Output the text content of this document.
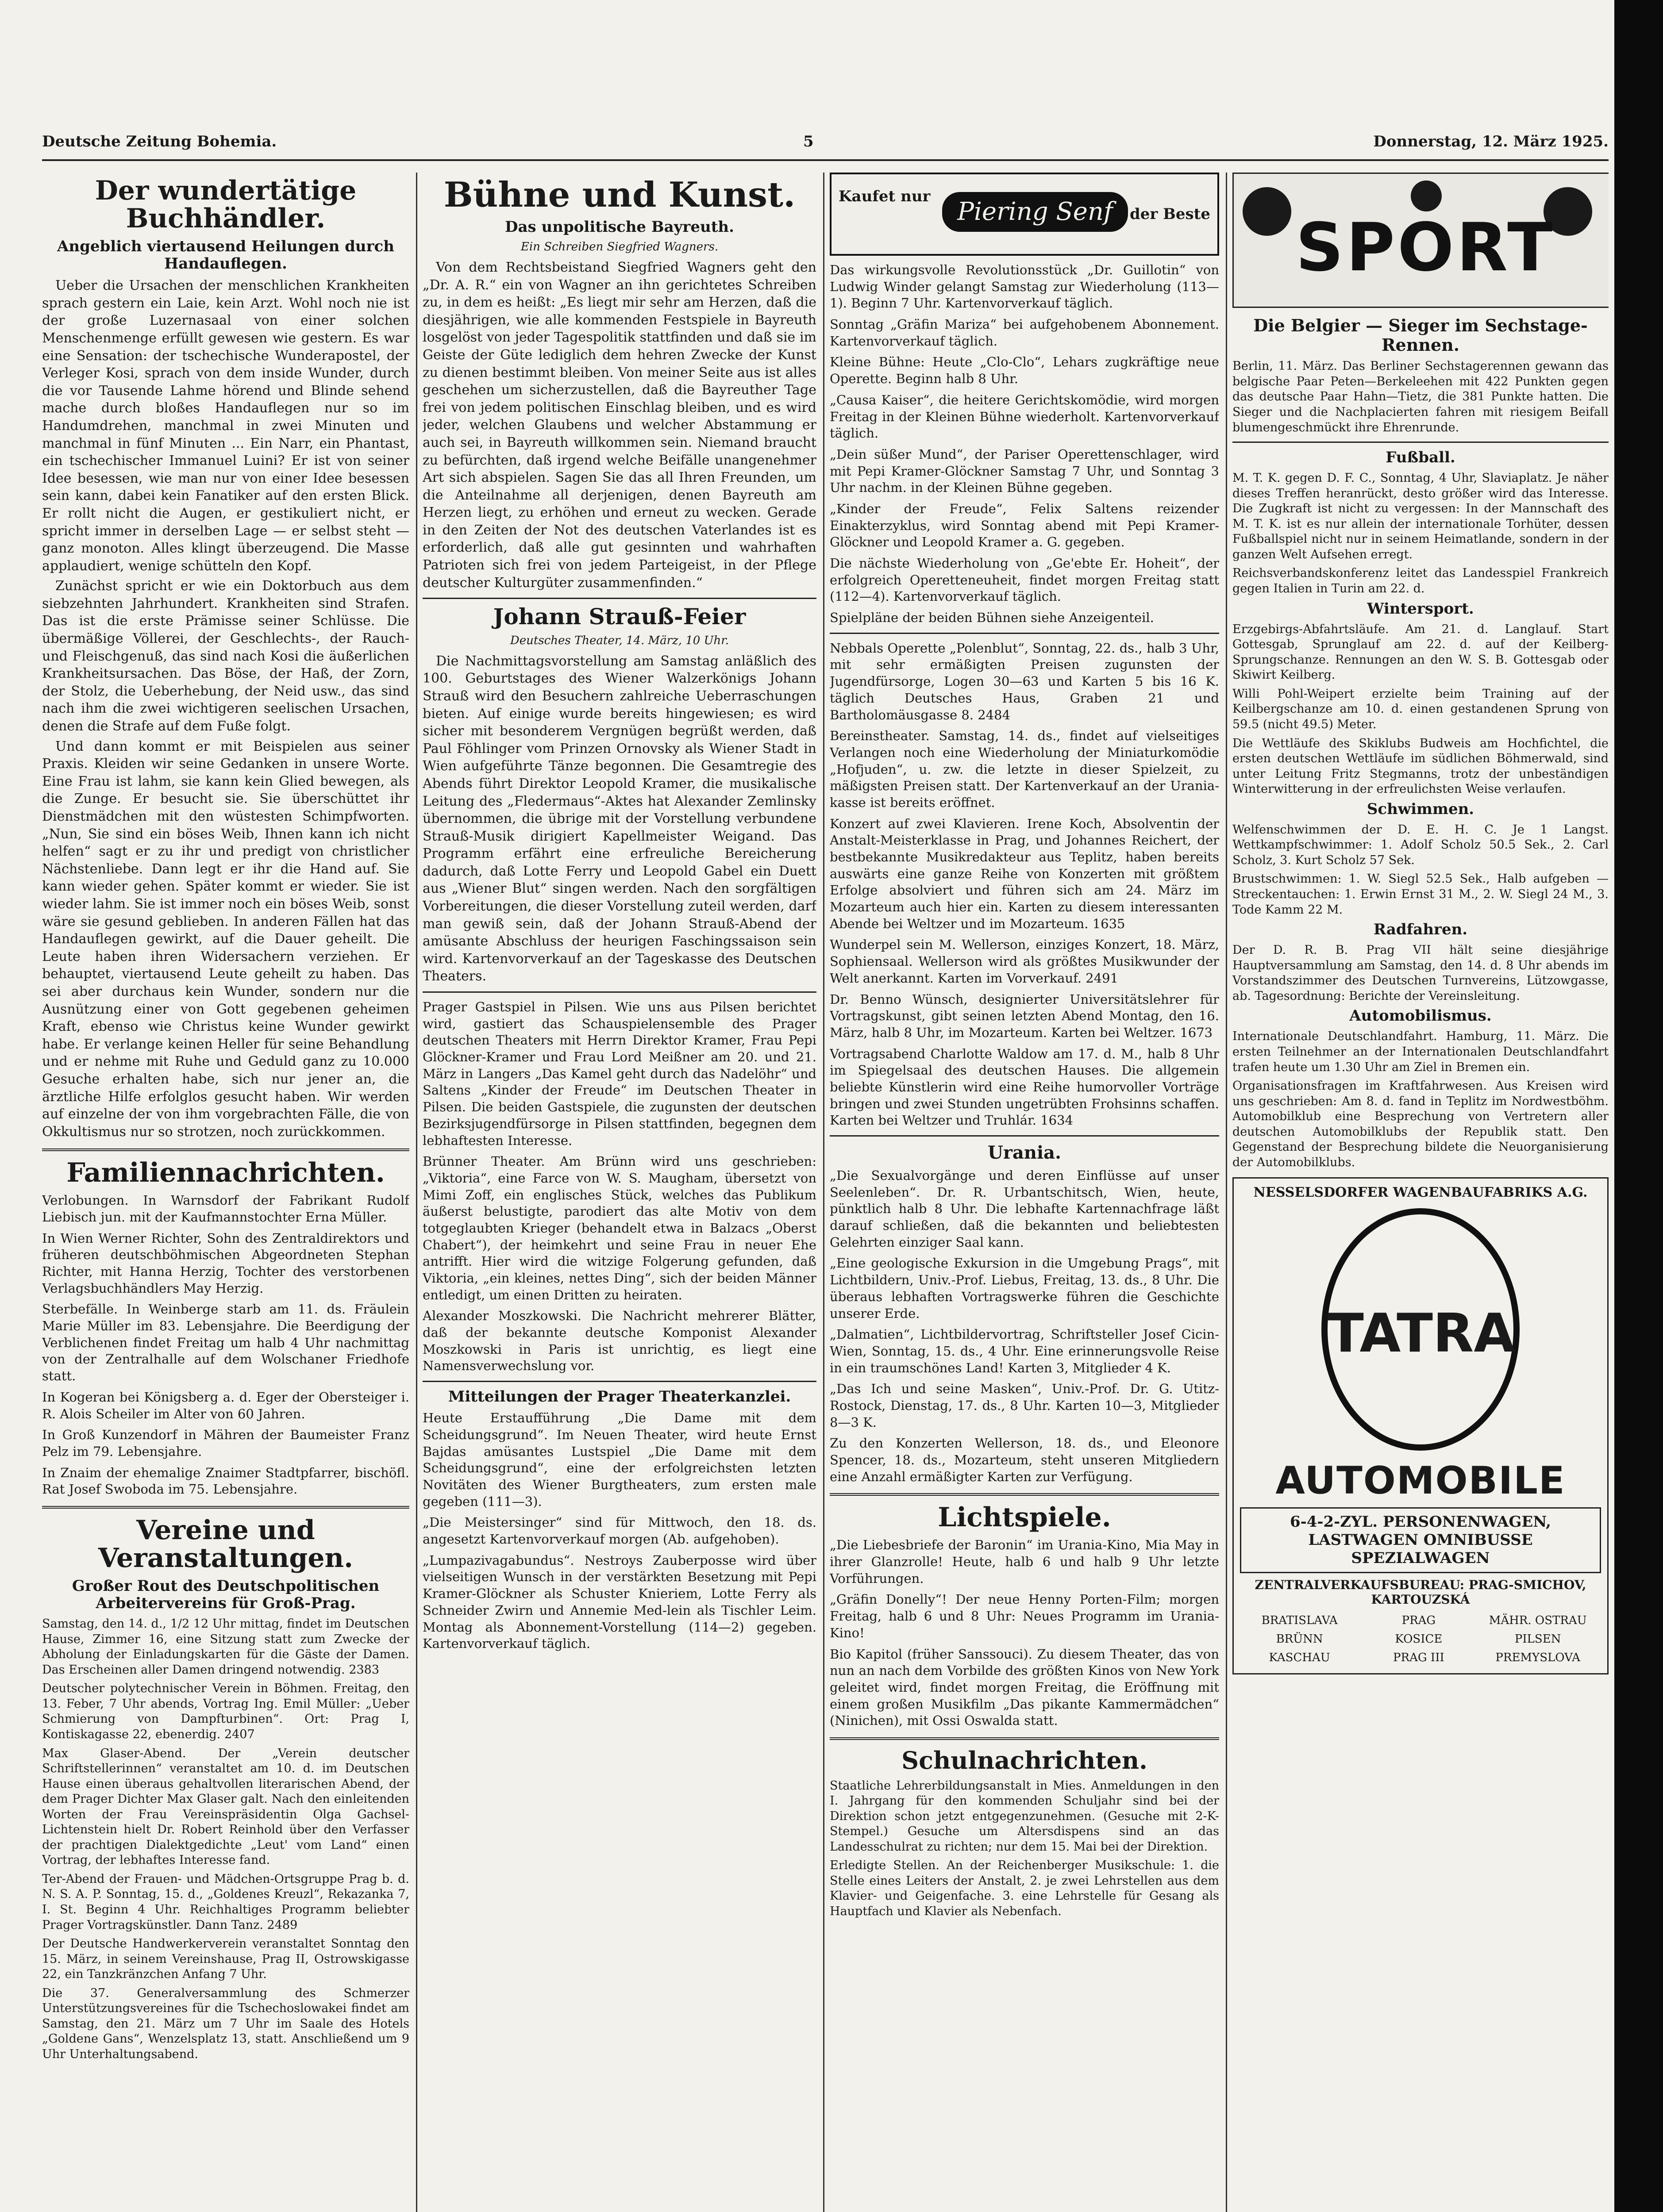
Deutsche Zeitung Bohemia.	5	Donnerstag, 12. März 1925.
Der wundertätige Buchhändler.
Angeblich viertausend Heilungen durch Handauflegen.

Ueber die Ursachen der menschlichen Krankheiten sprach gestern ein Laie, kein Arzt. Wohl noch nie ist der große Luzernasaal von einer solchen Menschenmenge erfüllt gewesen wie gestern. Es war eine Sensation: der tschechische Wunderapostel, der Verleger Kosi, sprach von dem inside Wunder, durch die vor Tausende Lahme hörend und Blinde sehend mache durch bloßes Handauflegen nur so im Handumdrehen, manchmal in zwei Minuten und manchmal in fünf Minuten ... Ein Narr, ein Phantast, ein tschechischer Immanuel Luini? Er ist von seiner Idee besessen, wie man nur von einer Idee besessen sein kann, dabei kein Fanatiker auf den ersten Blick. Er rollt nicht die Augen, er gestikuliert nicht, er spricht immer in derselben Lage — er selbst steht — ganz monoton. Alles klingt überzeugend. Die Masse applaudiert, wenige schütteln den Kopf.

Zunächst spricht er wie ein Doktorbuch aus dem siebzehnten Jahrhundert. Krankheiten sind Strafen. Das ist die erste Prämisse seiner Schlüsse. Die übermäßige Völlerei, der Geschlechts-, der Rauch- und Fleischgenuß, das sind nach Kosi die äußerlichen Krankheitsursachen. Das Böse, der Haß, der Zorn, der Stolz, die Ueberhebung, der Neid usw., das sind nach ihm die zwei wichtigeren seelischen Ursachen, denen die Strafe auf dem Fuße folgt.

Und dann kommt er mit Beispielen aus seiner Praxis. Kleiden wir seine Gedanken in unsere Worte. Eine Frau ist lahm, sie kann kein Glied bewegen, als die Zunge. Er besucht sie. Sie überschüttet ihr Dienstmädchen mit den wüstesten Schimpfworten. „Nun, Sie sind ein böses Weib, Ihnen kann ich nicht helfen“ sagt er zu ihr und predigt von christlicher Nächstenliebe. Dann legt er ihr die Hand auf. Sie kann wieder gehen. Später kommt er wieder. Sie ist wieder lahm. Sie ist immer noch ein böses Weib, sonst wäre sie gesund geblieben. In anderen Fällen hat das Handauflegen gewirkt, auf die Dauer geheilt. Die Leute haben ihren Widersachern verziehen. Er behauptet, viertausend Leute geheilt zu haben. Das sei aber durchaus kein Wunder, sondern nur die Ausnützung einer von Gott gegebenen geheimen Kraft, ebenso wie Christus keine Wunder gewirkt habe. Er verlange keinen Heller für seine Behandlung und er nehme mit Ruhe und Geduld ganz zu 10.000 Gesuche erhalten habe, sich nur jener an, die ärztliche Hilfe erfolglos gesucht haben. Wir werden auf einzelne der von ihm vorgebrachten Fälle, die von Okkultismus nur so strotzen, noch zurückkommen.

Familiennachrichten.

Verlobungen. In Warnsdorf der Fabrikant Rudolf Liebisch jun. mit der Kaufmannstochter Erna Müller.

In Wien Werner Richter, Sohn des Zentraldirektors und früheren deutschböhmischen Abgeordneten Stephan Richter, mit Hanna Herzig, Tochter des verstorbenen Verlagsbuchhändlers May Herzig.

Sterbefälle. In Weinberge starb am 11. ds. Fräulein Marie Müller im 83. Lebensjahre. Die Beerdigung der Verblichenen findet Freitag um halb 4 Uhr nachmittag von der Zentralhalle auf dem Wolschaner Friedhofe statt.

In Kogeran bei Königsberg a. d. Eger der Obersteiger i. R. Alois Scheiler im Alter von 60 Jahren.

In Groß Kunzendorf in Mähren der Baumeister Franz Pelz im 79. Lebensjahre.

In Znaim der ehemalige Znaimer Stadtpfarrer, bischöfl. Rat Josef Swoboda im 75. Lebensjahre.

Vereine und Veranstaltungen.
Großer Rout des Deutschpolitischen Arbeitervereins für Groß-Prag.

Samstag, den 14. d., 1/2 12 Uhr mittag, findet im Deutschen Hause, Zimmer 16, eine Sitzung statt zum Zwecke der Abholung der Einladungskarten für die Gäste der Damen. Das Erscheinen aller Damen dringend notwendig. 2383

Deutscher polytechnischer Verein in Böhmen. Freitag, den 13. Feber, 7 Uhr abends, Vortrag Ing. Emil Müller: „Ueber Schmierung von Dampfturbinen“. Ort: Prag I, Kontiskagasse 22, ebenerdig. 2407

Max Glaser-Abend. Der „Verein deutscher Schriftstellerinnen“ veranstaltet am 10. d. im Deutschen Hause einen überaus gehaltvollen literarischen Abend, der dem Prager Dichter Max Glaser galt. Nach den einleitenden Worten der Frau Vereinspräsidentin Olga Gachsel-Lichtenstein hielt Dr. Robert Reinhold über den Verfasser der prachtigen Dialektgedichte „Leut' vom Land“ einen Vortrag, der lebhaftes Interesse fand.

Ter-Abend der Frauen- und Mädchen-Ortsgruppe Prag b. d. N. S. A. P. Sonntag, 15. d., „Goldenes Kreuzl“, Rekazanka 7, I. St. Beginn 4 Uhr. Reichhaltiges Programm beliebter Prager Vortragskünstler. Dann Tanz. 2489

Der Deutsche Handwerkerverein veranstaltet Sonntag den 15. März, in seinem Vereinshause, Prag II, Ostrowskigasse 22, ein Tanzkränzchen Anfang 7 Uhr.

Die 37. Generalversammlung des Schmerzer Unterstützungsvereines für die Tschechoslowakei findet am Samstag, den 21. März um 7 Uhr im Saale des Hotels „Goldene Gans“, Wenzelsplatz 13, statt. Anschließend um 9 Uhr Unterhaltungsabend.

Bühne und Kunst.
Das unpolitische Bayreuth.
Ein Schreiben Siegfried Wagners.

Von dem Rechtsbeistand Siegfried Wagners geht den „Dr. A. R.“ ein von Wagner an ihn gerichtetes Schreiben zu, in dem es heißt: „Es liegt mir sehr am Herzen, daß die diesjährigen, wie alle kommenden Festspiele in Bayreuth losgelöst von jeder Tagespolitik stattfinden und daß sie im Geiste der Güte lediglich dem hehren Zwecke der Kunst zu dienen bestimmt bleiben. Von meiner Seite aus ist alles geschehen um sicherzustellen, daß die Bayreuther Tage frei von jedem politischen Einschlag bleiben, und es wird jeder, welchen Glaubens und welcher Abstammung er auch sei, in Bayreuth willkommen sein. Niemand braucht zu befürchten, daß irgend welche Beifälle unangenehmer Art sich abspielen. Sagen Sie das all Ihren Freunden, um die Anteilnahme all derjenigen, denen Bayreuth am Herzen liegt, zu erhöhen und erneut zu wecken. Gerade in den Zeiten der Not des deutschen Vaterlandes ist es erforderlich, daß alle gut gesinnten und wahrhaften Patrioten sich frei von jedem Parteigeist, in der Pflege deutscher Kulturgüter zusammenfinden.“

Johann Strauß-Feier
Deutsches Theater, 14. März, 10 Uhr.

Die Nachmittagsvorstellung am Samstag anläßlich des 100. Geburtstages des Wiener Walzerkönigs Johann Strauß wird den Besuchern zahlreiche Ueberraschungen bieten. Auf einige wurde bereits hingewiesen; es wird sicher mit besonderem Vergnügen begrüßt werden, daß Paul Föhlinger vom Prinzen Ornovsky als Wiener Stadt in Wien aufgeführte Tänze begonnen. Die Gesamtregie des Abends führt Direktor Leopold Kramer, die musikalische Leitung des „Fledermaus“-Aktes hat Alexander Zemlinsky übernommen, die übrige mit der Vorstellung verbundene Strauß-Musik dirigiert Kapellmeister Weigand. Das Programm erfährt eine erfreuliche Bereicherung dadurch, daß Lotte Ferry und Leopold Gabel ein Duett aus „Wiener Blut“ singen werden. Nach den sorgfältigen Vorbereitungen, die dieser Vorstellung zuteil werden, darf man gewiß sein, daß der Johann Strauß-Abend der amüsante Abschluss der heurigen Faschingssaison sein wird. Kartenvorverkauf an der Tageskasse des Deutschen Theaters.

Prager Gastspiel in Pilsen. Wie uns aus Pilsen berichtet wird, gastiert das Schauspielensemble des Prager deutschen Theaters mit Herrn Direktor Kramer, Frau Pepi Glöckner-Kramer und Frau Lord Meißner am 20. und 21. März in Langers „Das Kamel geht durch das Nadelöhr“ und Saltens „Kinder der Freude“ im Deutschen Theater in Pilsen. Die beiden Gastspiele, die zugunsten der deutschen Bezirksjugendfürsorge in Pilsen stattfinden, begegnen dem lebhaftesten Interesse.

Brünner Theater. Am Brünn wird uns geschrieben: „Viktoria“, eine Farce von W. S. Maugham, übersetzt von Mimi Zoff, ein englisches Stück, welches das Publikum äußerst belustigte, parodiert das alte Motiv von dem totgeglaubten Krieger (behandelt etwa in Balzacs „Oberst Chabert“), der heimkehrt und seine Frau in neuer Ehe antrifft. Hier wird die witzige Folgerung gefunden, daß Viktoria, „ein kleines, nettes Ding“, sich der beiden Männer entledigt, um einen Dritten zu heiraten.

Alexander Moszkowski. Die Nachricht mehrerer Blätter, daß der bekannte deutsche Komponist Alexander Moszkowski in Paris ist unrichtig, es liegt eine Namensverwechslung vor.

Mitteilungen der Prager Theaterkanzlei.

Heute Erstaufführung „Die Dame mit dem Scheidungsgrund“. Im Neuen Theater, wird heute Ernst Bajdas amüsantes Lustspiel „Die Dame mit dem Scheidungsgrund“, eine der erfolgreichsten letzten Novitäten des Wiener Burgtheaters, zum ersten male gegeben (111—3).

„Die Meistersinger“ sind für Mittwoch, den 18. ds. angesetzt Kartenvorverkauf morgen (Ab. aufgehoben).

„Lumpazivagabundus“. Nestroys Zauberposse wird über vielseitigen Wunsch in der verstärkten Besetzung mit Pepi Kramer-Glöckner als Schuster Knieriem, Lotte Ferry als Schneider Zwirn und Annemie Med-lein als Tischler Leim. Montag als Abonnement-Vorstellung (114—2) gegeben. Kartenvorverkauf täglich.

Kaufet nur
Piering Senf	der Beste

Das wirkungsvolle Revolutionsstück „Dr. Guillotin“ von Ludwig Winder gelangt Samstag zur Wiederholung (113—1). Beginn 7 Uhr. Kartenvorverkauf täglich.

Sonntag „Gräfin Mariza“ bei aufgehobenem Abonnement. Kartenvorverkauf täglich.

Kleine Bühne: Heute „Clo-Clo“, Lehars zugkräftige neue Operette. Beginn halb 8 Uhr.

„Causa Kaiser“, die heitere Gerichtskomödie, wird morgen Freitag in der Kleinen Bühne wiederholt. Kartenvorverkauf täglich.

„Dein süßer Mund“, der Pariser Operettenschlager, wird mit Pepi Kramer-Glöckner Samstag 7 Uhr, und Sonntag 3 Uhr nachm. in der Kleinen Bühne gegeben.

„Kinder der Freude“, Felix Saltens reizender Einakterzyklus, wird Sonntag abend mit Pepi Kramer-Glöckner und Leopold Kramer a. G. gegeben.

Die nächste Wiederholung von „Ge'ebte Er. Hoheit“, der erfolgreich Operetteneuheit, findet morgen Freitag statt (112—4). Kartenvorverkauf täglich.

Spielpläne der beiden Bühnen siehe Anzeigenteil.

Nebbals Operette „Polenblut“, Sonntag, 22. ds., halb 3 Uhr, mit sehr ermäßigten Preisen zugunsten der Jugendfürsorge, Logen 30—63 und Karten 5 bis 16 K. täglich Deutsches Haus, Graben 21 und Bartholomäusgasse 8. 2484

Bereinstheater. Samstag, 14. ds., findet auf vielseitiges Verlangen noch eine Wiederholung der Miniaturkomödie „Hofjuden“, u. zw. die letzte in dieser Spielzeit, zu mäßigsten Preisen statt. Der Kartenverkauf an der Urania-kasse ist bereits eröffnet.

Konzert auf zwei Klavieren. Irene Koch, Absolventin der Anstalt-Meisterklasse in Prag, und Johannes Reichert, der bestbekannte Musikredakteur aus Teplitz, haben bereits auswärts eine ganze Reihe von Konzerten mit größtem Erfolge absolviert und führen sich am 24. März im Mozarteum auch hier ein. Karten zu diesem interessanten Abende bei Weltzer und im Mozarteum. 1635

Wunderpel sein M. Wellerson, einziges Konzert, 18. März, Sophiensaal. Wellerson wird als größtes Musikwunder der Welt anerkannt. Karten im Vorverkauf. 2491

Dr. Benno Wünsch, designierter Universitätslehrer für Vortragskunst, gibt seinen letzten Abend Montag, den 16. März, halb 8 Uhr, im Mozarteum. Karten bei Weltzer. 1673

Vortragsabend Charlotte Waldow am 17. d. M., halb 8 Uhr im Spiegelsaal des deutschen Hauses. Die allgemein beliebte Künstlerin wird eine Reihe humorvoller Vorträge bringen und zwei Stunden ungetrübten Frohsinns schaffen. Karten bei Weltzer und Truhlár. 1634

Urania.

„Die Sexualvorgänge und deren Einflüsse auf unser Seelenleben“. Dr. R. Urbantschitsch, Wien, heute, pünktlich halb 8 Uhr. Die lebhafte Kartennachfrage läßt darauf schließen, daß die bekannten und beliebtesten Gelehrten einziger Saal kann.

„Eine geologische Exkursion in die Umgebung Prags“, mit Lichtbildern, Univ.-Prof. Liebus, Freitag, 13. ds., 8 Uhr. Die überaus lebhaften Vortragswerke führen die Geschichte unserer Erde.

„Dalmatien“, Lichtbildervortrag, Schriftsteller Josef Cicin-Wien, Sonntag, 15. ds., 4 Uhr. Eine erinnerungsvolle Reise in ein traumschönes Land! Karten 3, Mitglieder 4 K.

„Das Ich und seine Masken“, Univ.-Prof. Dr. G. Utitz-Rostock, Dienstag, 17. ds., 8 Uhr. Karten 10—3, Mitglieder 8—3 K.

Zu den Konzerten Wellerson, 18. ds., und Eleonore Spencer, 18. ds., Mozarteum, steht unseren Mitgliedern eine Anzahl ermäßigter Karten zur Verfügung.

Lichtspiele.

„Die Liebesbriefe der Baronin“ im Urania-Kino, Mia May in ihrer Glanzrolle! Heute, halb 6 und halb 9 Uhr letzte Vorführungen.

„Gräfin Donelly“! Der neue Henny Porten-Film; morgen Freitag, halb 6 und 8 Uhr: Neues Programm im Urania-Kino!

Bio Kapitol (früher Sanssouci). Zu diesem Theater, das von nun an nach dem Vorbilde des größten Kinos von New York geleitet wird, findet morgen Freitag, die Eröffnung mit einem großen Musikfilm „Das pikante Kammermädchen“ (Ninichen), mit Ossi Oswalda statt.

Schulnachrichten.

Staatliche Lehrerbildungsanstalt in Mies. Anmeldungen in den I. Jahrgang für den kommenden Schuljahr sind bei der Direktion schon jetzt entgegenzunehmen. (Gesuche mit 2-K-Stempel.) Gesuche um Altersdispens sind an das Landesschulrat zu richten; nur dem 15. Mai bei der Direktion.

Erledigte Stellen. An der Reichenberger Musikschule: 1. die Stelle eines Leiters der Anstalt, 2. je zwei Lehrstellen aus dem Klavier- und Geigenfache. 3. eine Lehrstelle für Gesang als Hauptfach und Klavier als Nebenfach.

SPORT
Die Belgier — Sieger im Sechstage-Rennen.

Berlin, 11. März. Das Berliner Sechstagerennen gewann das belgische Paar Peten—Berkeleehen mit 422 Punkten gegen das deutsche Paar Hahn—Tietz, die 381 Punkte hatten. Die Sieger und die Nachplacierten fahren mit riesigem Beifall blumengeschmückt ihre Ehrenrunde.

Fußball.

M. T. K. gegen D. F. C., Sonntag, 4 Uhr, Slaviaplatz. Je näher dieses Treffen heranrückt, desto größer wird das Interesse. Die Zugkraft ist nicht zu vergessen: In der Mannschaft des M. T. K. ist es nur allein der internationale Torhüter, dessen Fußballspiel nicht nur in seinem Heimatlande, sondern in der ganzen Welt Aufsehen erregt.

Reichsverbandskonferenz leitet das Landesspiel Frankreich gegen Italien in Turin am 22. d.

Wintersport.

Erzgebirgs-Abfahrtsläufe. Am 21. d. Langlauf. Start Gottesgab, Sprunglauf am 22. d. auf der Keilberg-Sprungschanze. Rennungen an den W. S. B. Gottesgab oder Skiwirt Keilberg.

Willi Pohl-Weipert erzielte beim Training auf der Keilbergschanze am 10. d. einen gestandenen Sprung von 59.5 (nicht 49.5) Meter.

Die Wettläufe des Skiklubs Budweis am Hochfichtel, die ersten deutschen Wettläufe im südlichen Böhmerwald, sind unter Leitung Fritz Stegmanns, trotz der unbeständigen Winterwitterung in der erfreulichsten Weise verlaufen.

Schwimmen.

Welfenschwimmen der D. E. H. C. Je 1 Langst. Wettkampfschwimmer: 1. Adolf Scholz 50.5 Sek., 2. Carl Scholz, 3. Kurt Scholz 57 Sek.

Brustschwimmen: 1. W. Siegl 52.5 Sek., Halb aufgeben — Streckentauchen: 1. Erwin Ernst 31 M., 2. W. Siegl 24 M., 3. Tode Kamm 22 M.

Radfahren.

Der D. R. B. Prag VII hält seine diesjährige Hauptversammlung am Samstag, den 14. d. 8 Uhr abends im Vorstandszimmer des Deutschen Turnvereins, Lützowgasse, ab. Tagesordnung: Berichte der Vereinsleitung.

Automobilismus.

Internationale Deutschlandfahrt. Hamburg, 11. März. Die ersten Teilnehmer an der Internationalen Deutschlandfahrt trafen heute um 1.30 Uhr am Ziel in Bremen ein.

Organisationsfragen im Kraftfahrwesen. Aus Kreisen wird uns geschrieben: Am 8. d. fand in Teplitz im Nordwestböhm. Automobilklub eine Besprechung von Vertretern aller deutschen Automobilklubs der Republik statt. Den Gegenstand der Besprechung bildete die Neuorganisierung der Automobilklubs.

NESSELSDORFER WAGENBAUFABRIKS A.G.
TATRA
AUTOMOBILE
6-4-2-ZYL. PERSONENWAGEN, LASTWAGEN OMNIBUSSE SPEZIALWAGEN
ZENTRALVERKAUFSBUREAU: PRAG-SMICHOV, KARTOUZSKÁ
BRATISLAVA	PRAG	MÄHR. OSTRAU
BRÜNN	KOSICE	PILSEN
KASCHAU	PRAG III	PREMYSLOVA
